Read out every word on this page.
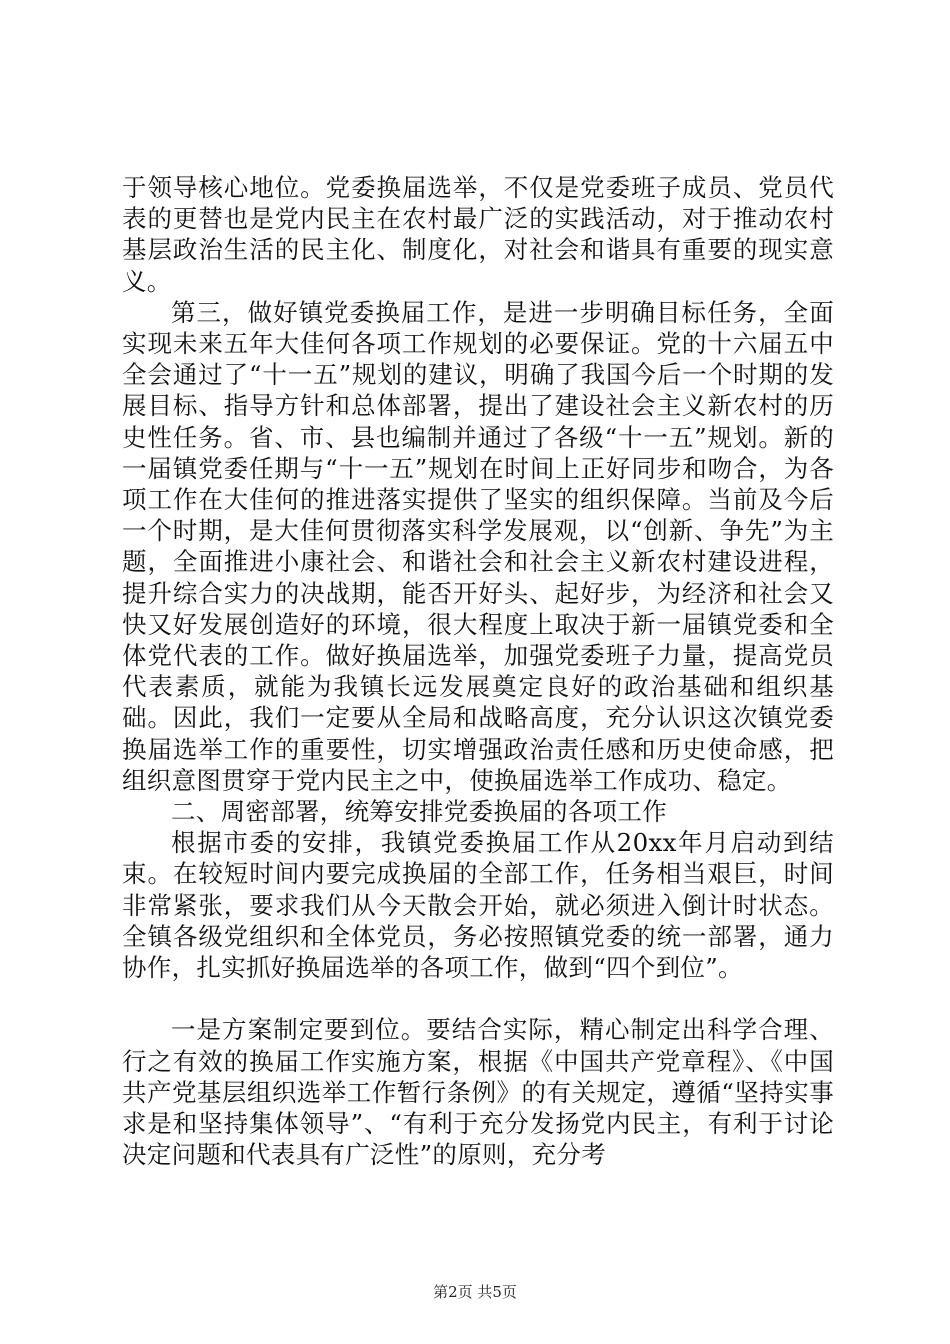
于领导核心地位。党委换届选举，不仅是党委班子成员、党员代表的更替也是党内民主在农村最广泛的实践活动，对于推动农村基层政治生活的民主化、制度化，对社会和谐具有重要的现实意义。

第三，做好镇党委换届工作，是进一步明确目标任务，全面实现未来五年大佳何各项工作规划的必要保证。党的十六届五中全会通过了“十一五”规划的建议，明确了我国今后一个时期的发展目标、指导方针和总体部署，提出了建设社会主义新农村的历史性任务。省、市、县也编制并通过了各级“十一五”规划。新的一届镇党委任期与“十一五”规划在时间上正好同步和吻合，为各项工作在大佳何的推进落实提供了坚实的组织保障。当前及今后一个时期，是大佳何贯彻落实科学发展观，以“创新、争先”为主题，全面推进小康社会、和谐社会和社会主义新农村建设进程，提升综合实力的决战期，能否开好头、起好步，为经济和社会又快又好发展创造好的环境，很大程度上取决于新一届镇党委和全体党代表的工作。做好换届选举，加强党委班子力量，提高党员代表素质，就能为我镇长远发展奠定良好的政治基础和组织基础。因此，我们一定要从全局和战略高度，充分认识这次镇党委换届选举工作的重要性，切实增强政治责任感和历史使命感，把组织意图贯穿于党内民主之中，使换届选举工作成功、稳定。

二、周密部署，统筹安排党委换届的各项工作

根据市委的安排，我镇党委换届工作从20xx年月启动到结束。在较短时间内要完成换届的全部工作，任务相当艰巨，时间非常紧张，要求我们从今天散会开始，就必须进入倒计时状态。全镇各级党组织和全体党员，务必按照镇党委的统一部署，通力协作，扎实抓好换届选举的各项工作，做到“四个到位”。

一是方案制定要到位。要结合实际，精心制定出科学合理、行之有效的换届工作实施方案，根据《中国共产党章程》、《中国共产党基层组织选举工作暂行条例》的有关规定，遵循“坚持实事求是和坚持集体领导”、“有利于充分发扬党内民主，有利于讨论决定问题和代表具有广泛性”的原则，充分考

第2页 共5页
